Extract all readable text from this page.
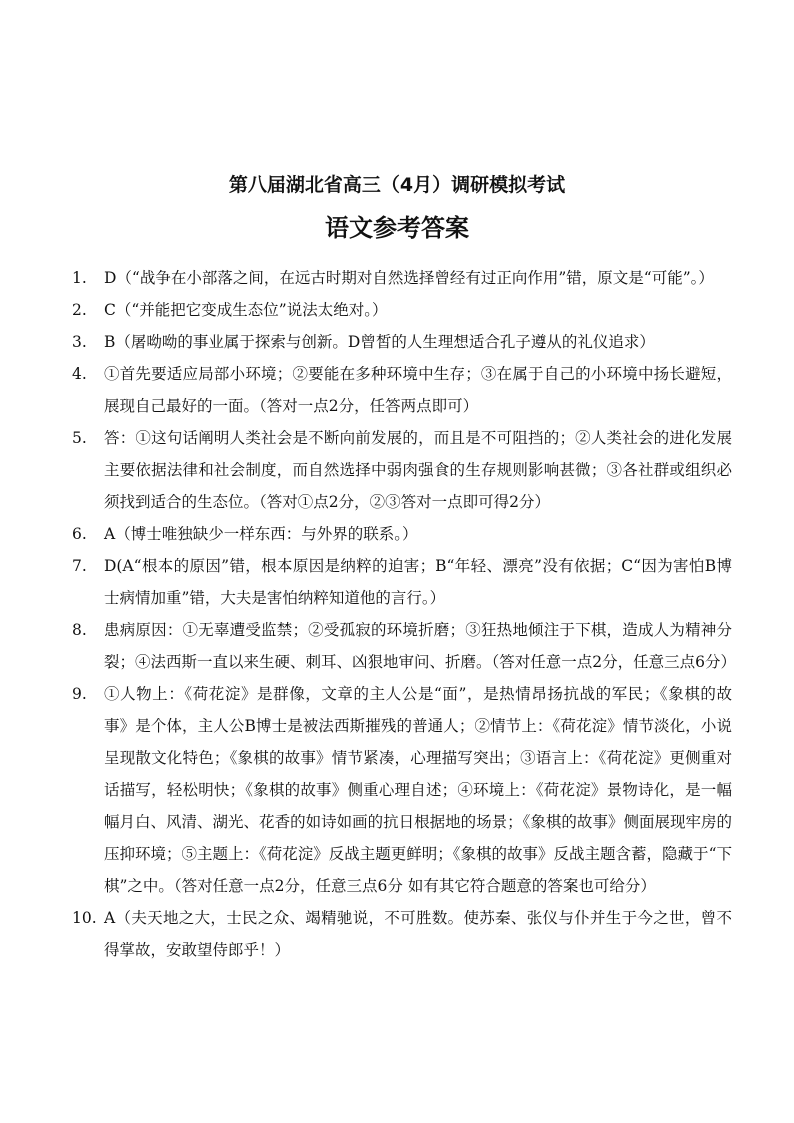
第八届湖北省高三（4月）调研模拟考试
语文参考答案

1. D（“战争在小部落之间，在远古时期对自然选择曾经有过正向作用”错，原文是“可能”。）

2. C（“并能把它变成生态位”说法太绝对。）

3. B（屠呦呦的事业属于探索与创新。D曾皙的人生理想适合孔子遵从的礼仪追求）

4. ①首先要适应局部小环境；②要能在多种环境中生存；③在属于自己的小环境中扬长避短，展现自己最好的一面。（答对一点2分，任答两点即可）

5. 答：①这句话阐明人类社会是不断向前发展的，而且是不可阻挡的；②人类社会的进化发展主要依据法律和社会制度，而自然选择中弱肉强食的生存规则影响甚微；③各社群或组织必须找到适合的生态位。（答对①点2分，②③答对一点即可得2分）

6. A（博士唯独缺少一样东西：与外界的联系。）

7. D(A“根本的原因”错，根本原因是纳粹的迫害；B“年轻、漂亮”没有依据；C“因为害怕B博士病情加重”错，大夫是害怕纳粹知道他的言行。）

8. 患病原因：①无辜遭受监禁；②受孤寂的环境折磨；③狂热地倾注于下棋，造成人为精神分裂；④法西斯一直以来生硬、刺耳、凶狠地审问、折磨。（答对任意一点2分，任意三点6分）

9. ①人物上：《荷花淀》是群像，文章的主人公是“面”，是热情昂扬抗战的军民；《象棋的故事》是个体，主人公B博士是被法西斯摧残的普通人；②情节上：《荷花淀》情节淡化，小说呈现散文化特色；《象棋的故事》情节紧凑，心理描写突出；③语言上：《荷花淀》更侧重对话描写，轻松明快；《象棋的故事》侧重心理自述；④环境上：《荷花淀》景物诗化，是一幅幅月白、风清、湖光、花香的如诗如画的抗日根据地的场景；《象棋的故事》侧面展现牢房的压抑环境；⑤主题上：《荷花淀》反战主题更鲜明；《象棋的故事》反战主题含蓄，隐藏于“下棋”之中。（答对任意一点2分，任意三点6分 如有其它符合题意的答案也可给分）

10. A（夫天地之大，士民之众、竭精驰说，不可胜数。使苏秦、张仪与仆并生于今之世，曾不得掌故，安敢望侍郎乎！）
